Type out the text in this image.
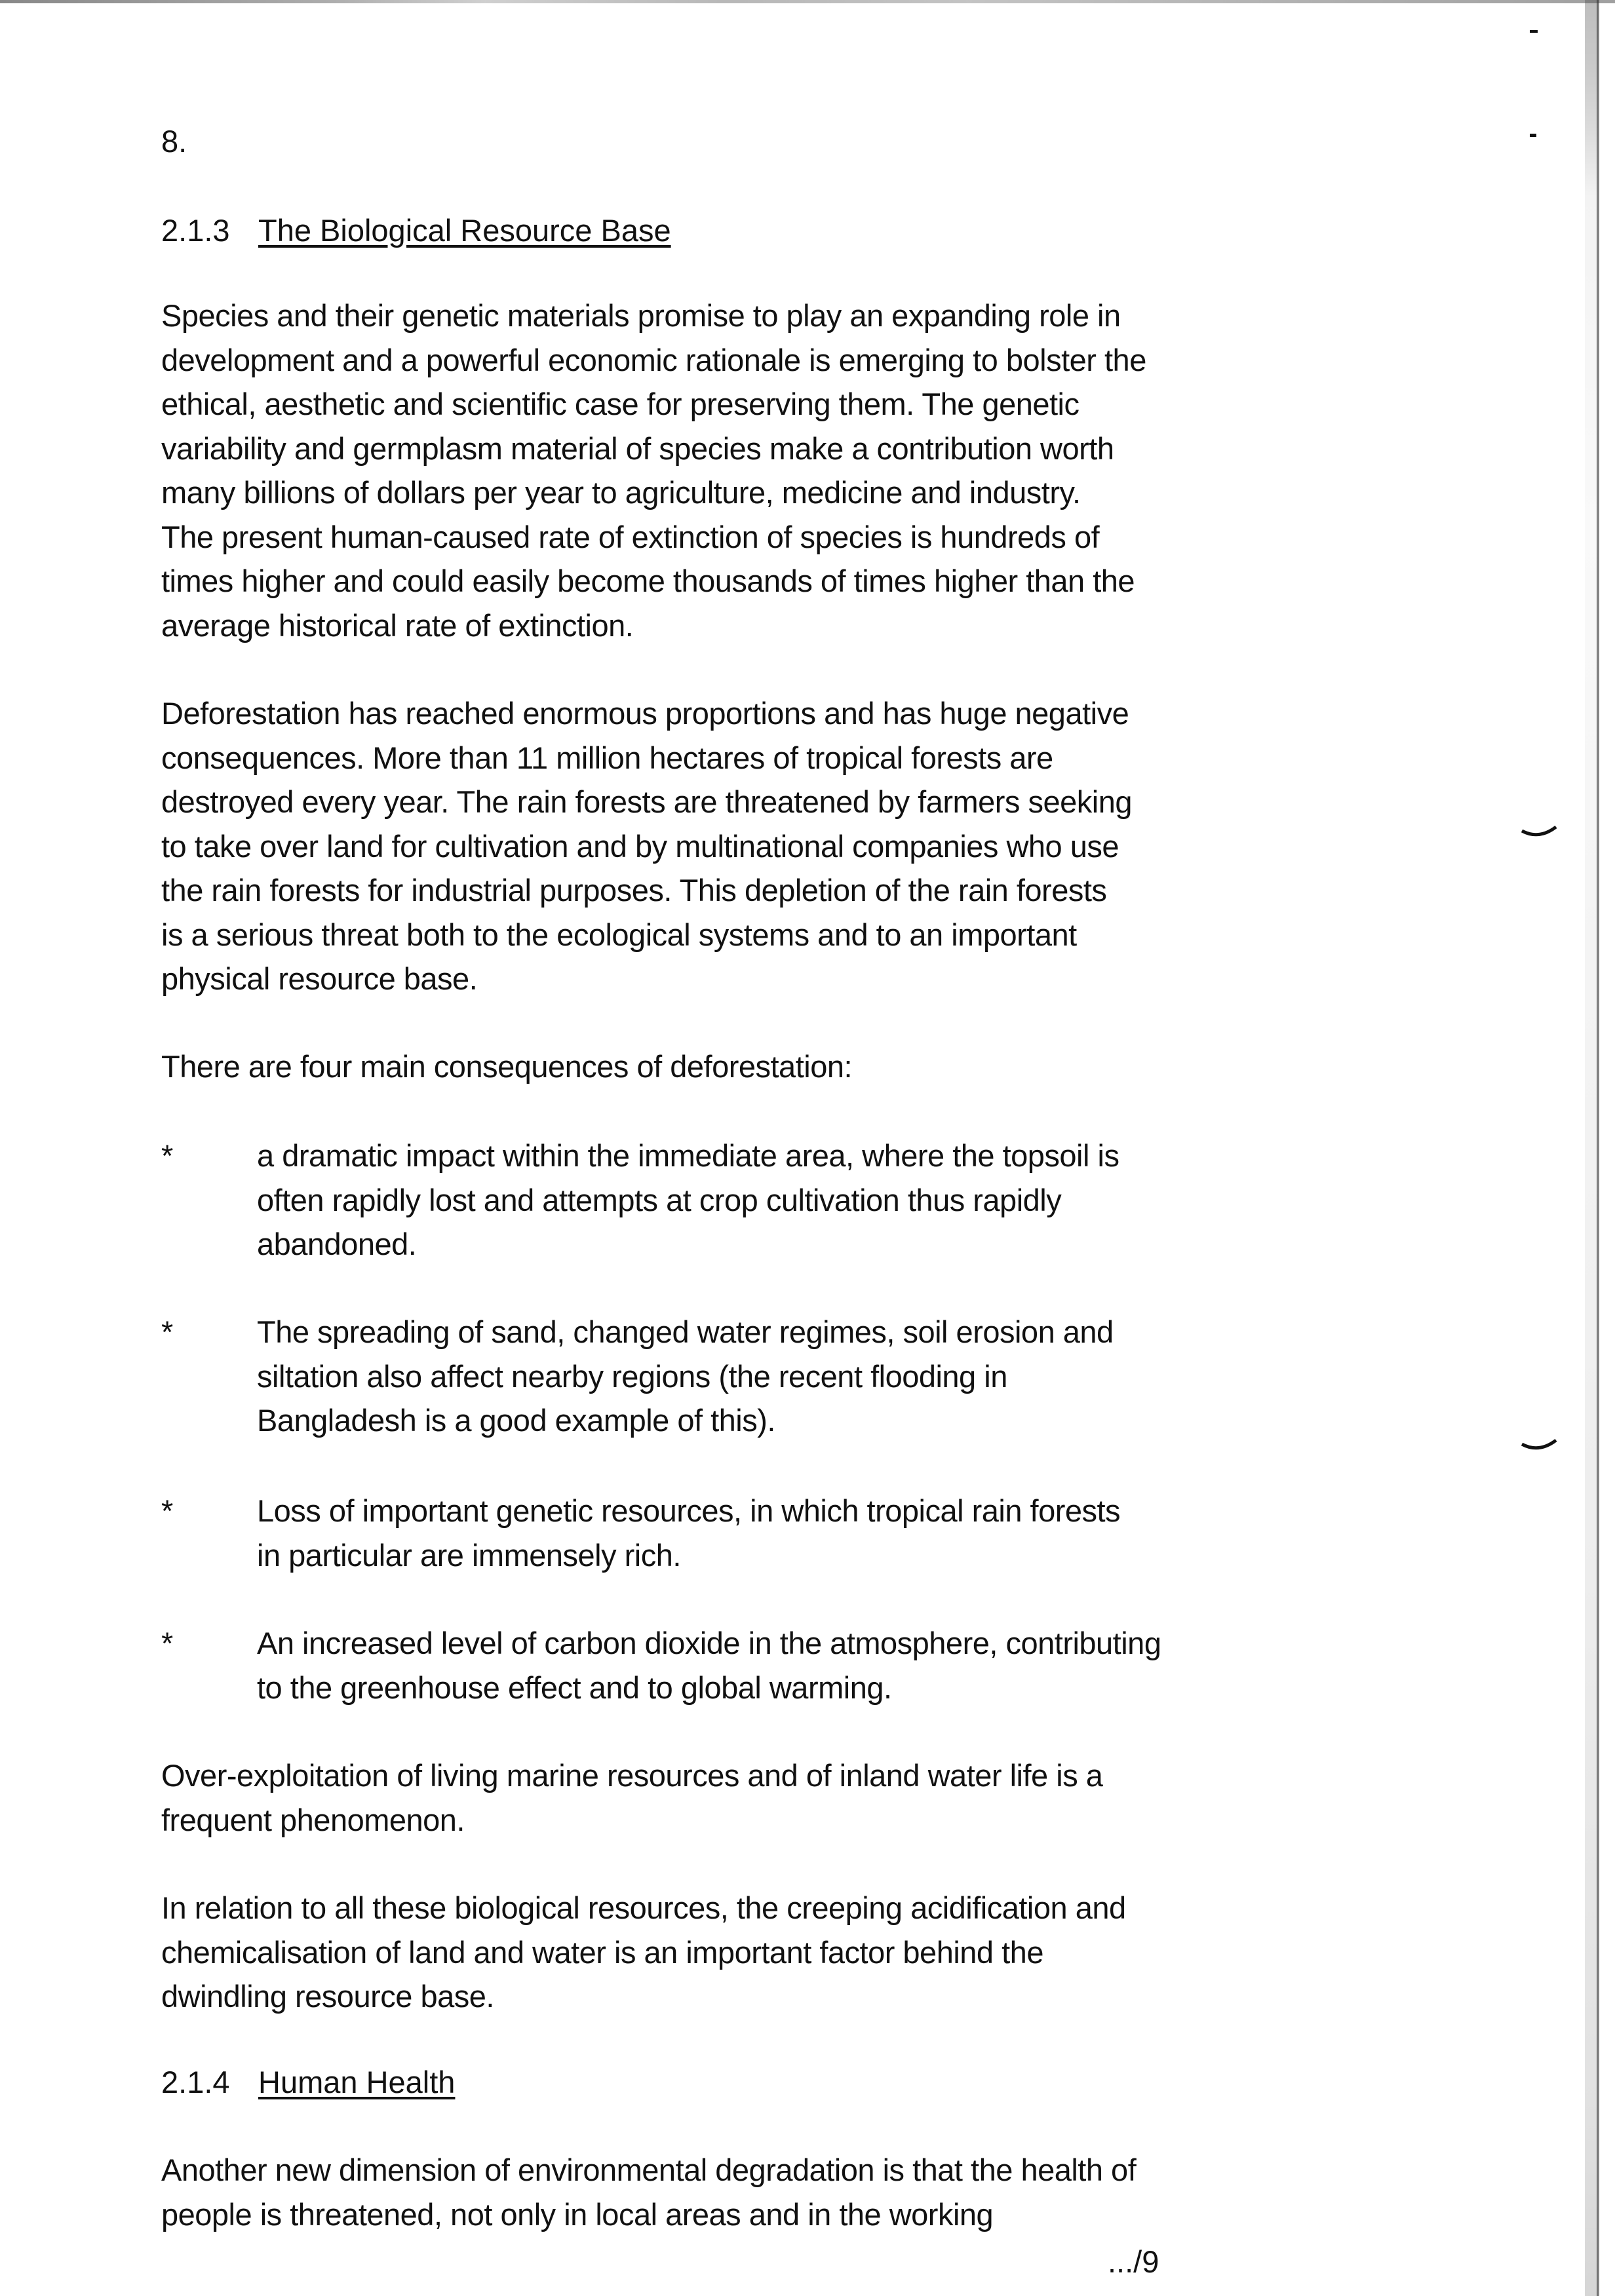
8.
2.1.3 The Biological Resource Base
Species and their genetic materials promise to play an expanding role in
development and a powerful economic rationale is emerging to bolster the
ethical, aesthetic and scientific case for preserving them. The genetic
variability and germplasm material of species make a contribution worth
many billions of dollars per year to agriculture, medicine and industry.
The present human-caused rate of extinction of species is hundreds of
times higher and could easily become thousands of times higher than the
average historical rate of extinction.
Deforestation has reached enormous proportions and has huge negative
consequences. More than 11 million hectares of tropical forests are
destroyed every year. The rain forests are threatened by farmers seeking
to take over land for cultivation and by multinational companies who use
the rain forests for industrial purposes. This depletion of the rain forests
is a serious threat both to the ecological systems and to an important
physical resource base.
There are four main consequences of deforestation:
*	a dramatic impact within the immediate area, where the topsoil is
often rapidly lost and attempts at crop cultivation thus rapidly
abandoned.
*	The spreading of sand, changed water regimes, soil erosion and
siltation also affect nearby regions (the recent flooding in
Bangladesh is a good example of this).
*	Loss of important genetic resources, in which tropical rain forests
in particular are immensely rich.
*	An increased level of carbon dioxide in the atmosphere, contributing
to the greenhouse effect and to global warming.
Over-exploitation of living marine resources and of inland water life is a
frequent phenomenon.
In relation to all these biological resources, the creeping acidification and
chemicalisation of land and water is an important factor behind the
dwindling resource base.
2.1.4 Human Health
Another new dimension of environmental degradation is that the health of
people is threatened, not only in local areas and in the working
.../9
